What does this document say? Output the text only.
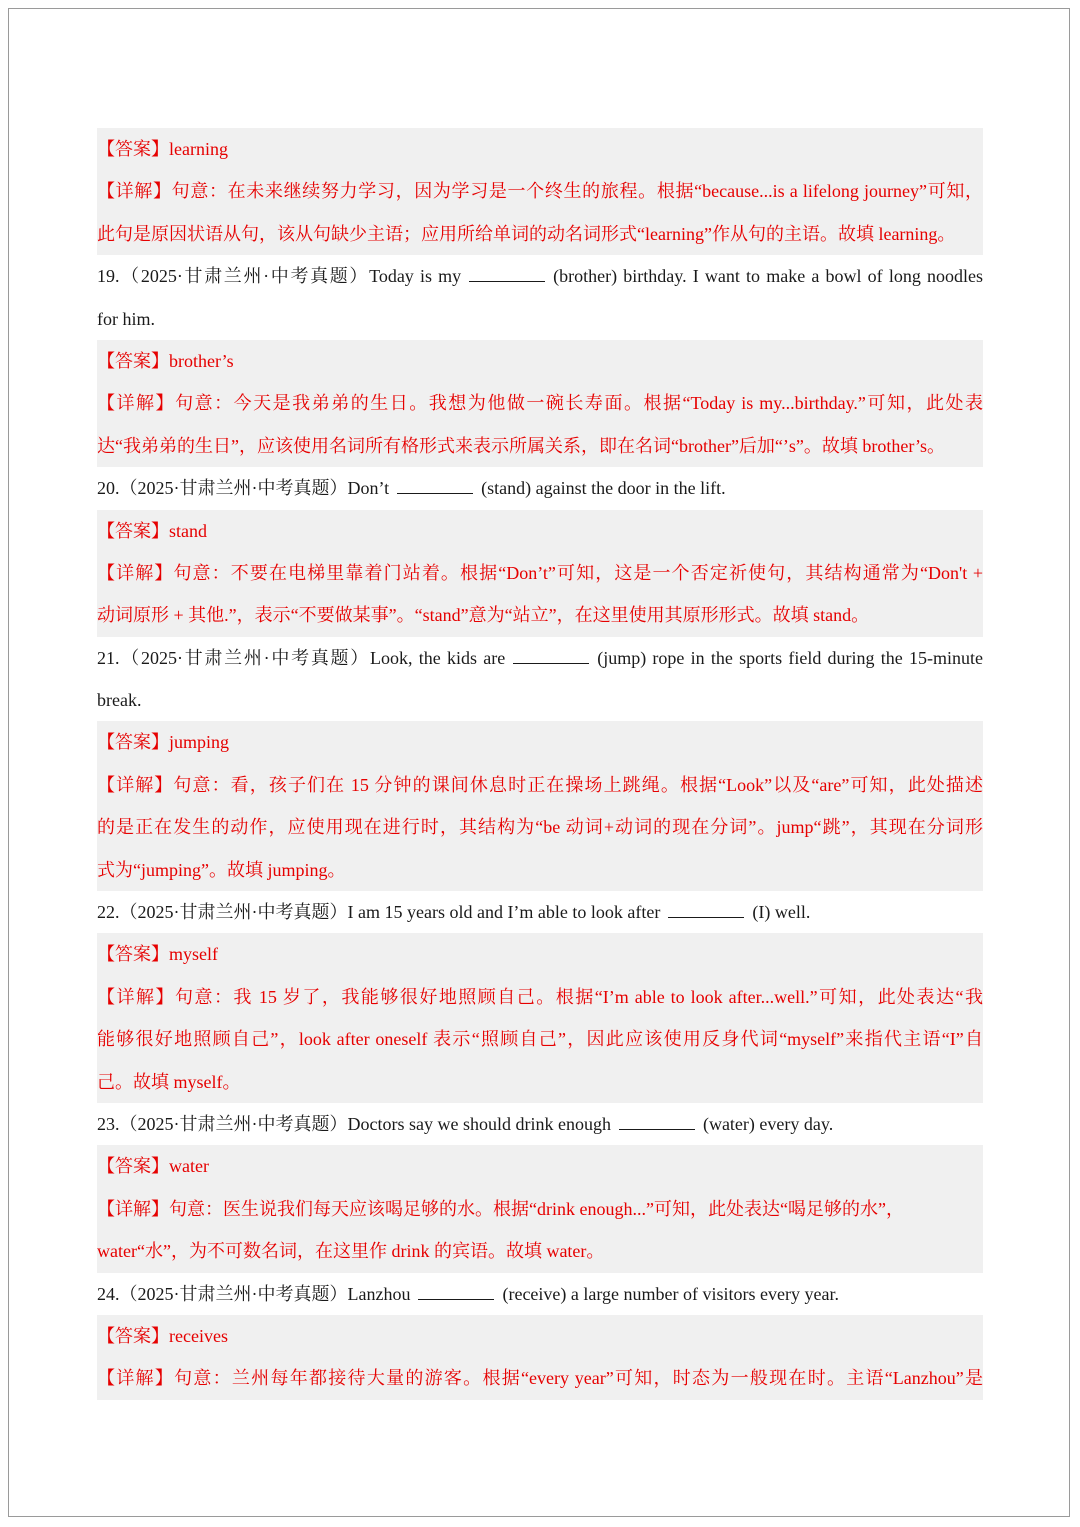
【答案】learning
【详解】句意：在未来继续努力学习，因为学习是一个终生的旅程。根据“because...is a lifelong journey”可知，
此句是原因状语从句，该从句缺少主语；应用所给单词的动名词形式“learning”作从句的主语。故填 learning。
19.（2025·甘肃兰州·中考真题）Today is my	(brother) birthday. I want to make a bowl of long noodles
for him.
【答案】brother’s
【详解】句意：今天是我弟弟的生日。我想为他做一碗长寿面。根据“Today is my...birthday.”可知，此处表
达“我弟弟的生日”，应该使用名词所有格形式来表示所属关系，即在名词“brother”后加“’s”。故填 brother’s。
20.（2025·甘肃兰州·中考真题）Don’t	(stand) against the door in the lift.
【答案】stand
【详解】句意：不要在电梯里靠着门站着。根据“Don’t”可知，这是一个否定祈使句，其结构通常为“Don't +
动词原形 + 其他.”，表示“不要做某事”。“stand”意为“站立”，在这里使用其原形形式。故填 stand。
21.（2025·甘肃兰州·中考真题）Look, the kids are	(jump) rope in the sports field during the 15-minute
break.
【答案】jumping
【详解】句意：看，孩子们在 15 分钟的课间休息时正在操场上跳绳。根据“Look”以及“are”可知，此处描述
的是正在发生的动作，应使用现在进行时，其结构为“be 动词+动词的现在分词”。jump“跳”，其现在分词形
式为“jumping”。故填 jumping。
22.（2025·甘肃兰州·中考真题）I am 15 years old and I’m able to look after	(I) well.
【答案】myself
【详解】句意：我 15 岁了，我能够很好地照顾自己。根据“I’m able to look after...well.”可知，此处表达“我
能够很好地照顾自己”，look after oneself 表示“照顾自己”，因此应该使用反身代词“myself”来指代主语“I”自
己。故填 myself。
23.（2025·甘肃兰州·中考真题）Doctors say we should drink enough	(water) every day.
【答案】water
【详解】句意：医生说我们每天应该喝足够的水。根据“drink enough...”可知，此处表达“喝足够的水”，
water“水”，为不可数名词，在这里作 drink 的宾语。故填 water。
24.（2025·甘肃兰州·中考真题）Lanzhou	(receive) a large number of visitors every year.
【答案】receives
【详解】句意：兰州每年都接待大量的游客。根据“every year”可知，时态为一般现在时。主语“Lanzhou”是
